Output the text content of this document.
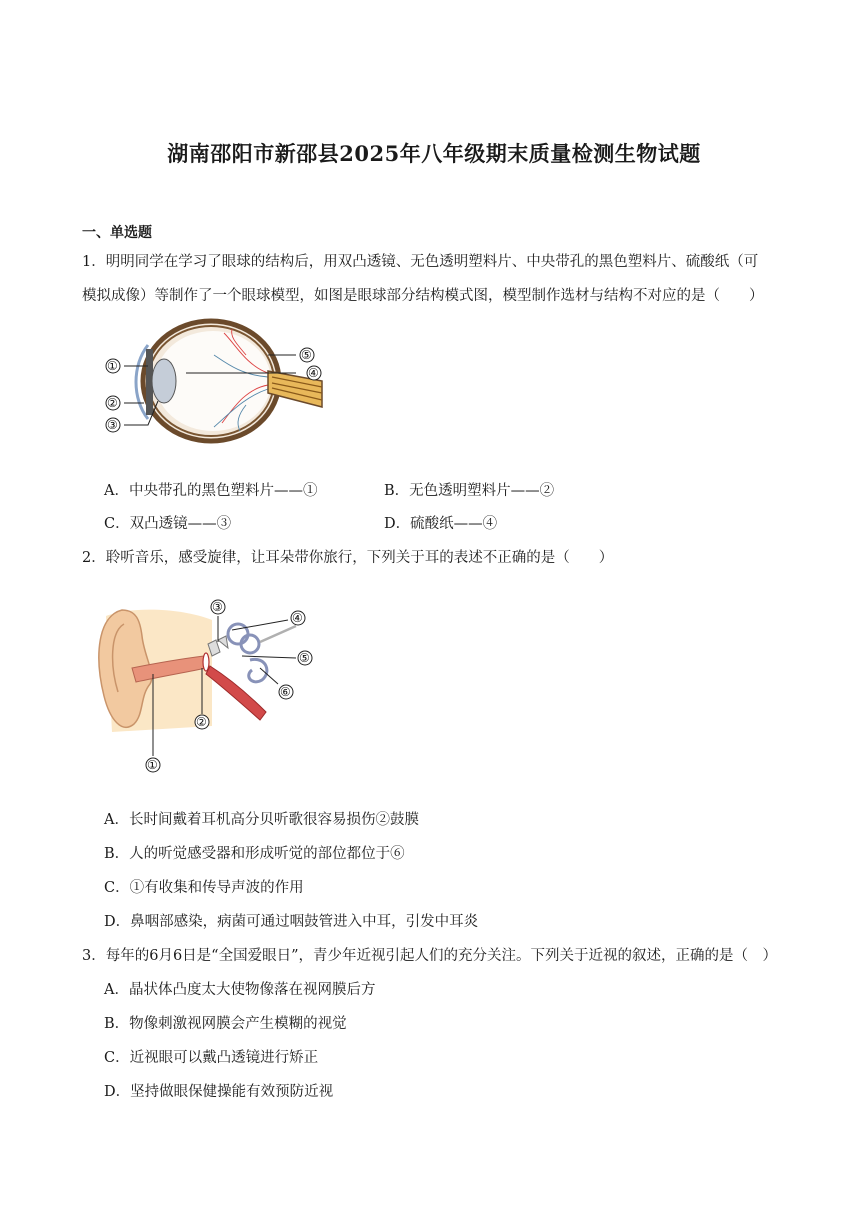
湖南邵阳市新邵县2025年八年级期末质量检测生物试题
一、单选题
1．明明同学在学习了眼球的结构后，用双凸透镜、无色透明塑料片、中央带孔的黑色塑料片、硫酸纸（可
模拟成像）等制作了一个眼球模型，如图是眼球部分结构模式图，模型制作选材与结构不对应的是（　　）
①
②
③
④
⑤
A．中央带孔的黑色塑料片——①	B．无色透明塑料片——②
C．双凸透镜——③	D．硫酸纸——④
2．聆听音乐，感受旋律，让耳朵带你旅行，下列关于耳的表述不正确的是（　　）
①
②
③
④
⑤
⑥
A．长时间戴着耳机高分贝听歌很容易损伤②鼓膜
B．人的听觉感受器和形成听觉的部位都位于⑥
C．①有收集和传导声波的作用
D．鼻咽部感染，病菌可通过咽鼓管进入中耳，引发中耳炎
3．每年的6月6日是“全国爱眼日”，青少年近视引起人们的充分关注。下列关于近视的叙述，正确的是（　）
A．晶状体凸度太大使物像落在视网膜后方
B．物像刺激视网膜会产生模糊的视觉
C．近视眼可以戴凸透镜进行矫正
D．坚持做眼保健操能有效预防近视
